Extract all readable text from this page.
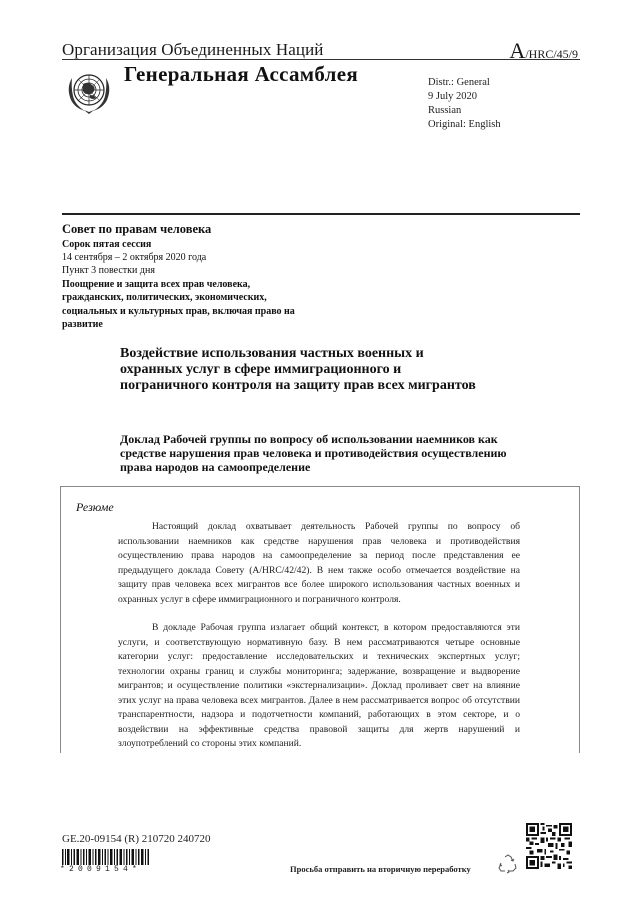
Организация Объединенных Наций	A/HRC/45/9
Генеральная Ассамблея	Distr.: General
9 July 2020
Russian
Original: English
Совет по правам человека
Сорок пятая сессия
14 сентября – 2 октября 2020 года
Пункт 3 повестки дня
Поощрение и защита всех прав человека, гражданских, политических, экономических, социальных и культурных прав, включая право на развитие
Воздействие использования частных военных и охранных услуг в сфере иммиграционного и пограничного контроля на защиту прав всех мигрантов
Доклад Рабочей группы по вопросу об использовании наемников как средстве нарушения прав человека и противодействия осуществлению права народов на самоопределение
Резюме

Настоящий доклад охватывает деятельность Рабочей группы по вопросу об использовании наемников как средстве нарушения прав человека и противодействия осуществлению права народов на самоопределение за период после представления ее предыдущего доклада Совету (A/HRC/42/42). В нем также особо отмечается воздействие на защиту прав человека всех мигрантов все более широкого использования частных военных и охранных услуг в сфере иммиграционного и пограничного контроля.

В докладе Рабочая группа излагает общий контекст, в котором предоставляются эти услуги, и соответствующую нормативную базу. В нем рассматриваются четыре основные категории услуг: предоставление исследовательских и технических экспертных услуг; технологии охраны границ и службы мониторинга; задержание, возвращение и выдворение мигрантов; и осуществление политики «экстернализации». Доклад проливает свет на влияние этих услуг на права человека всех мигрантов. Далее в нем рассматривается вопрос об отсутствии транспарентности, надзора и подотчетности компаний, работающих в этом секторе, и о воздействии на эффективные средства правовой защиты для жертв нарушений и злоупотреблений со стороны этих компаний.

GE.20-09154 (R) 210720 240720
*2009154*	Просьба отправить на вторичную переработку
